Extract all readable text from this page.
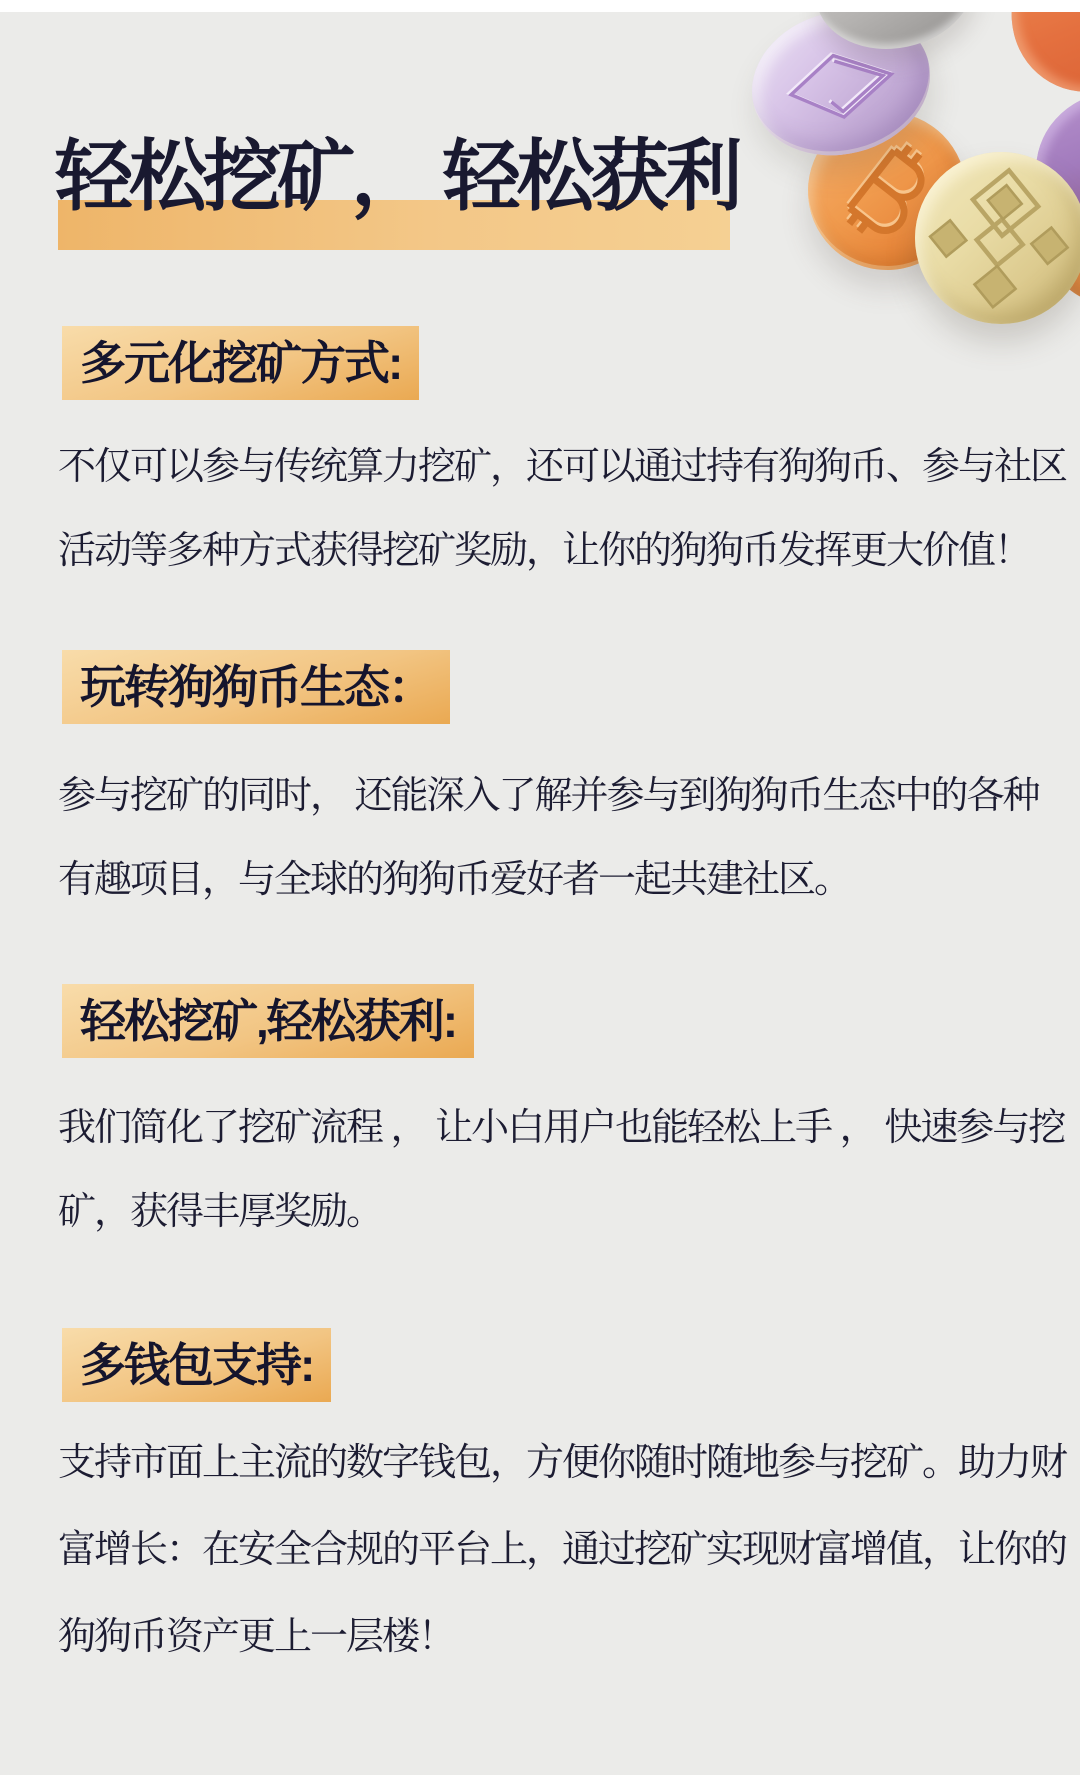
轻松挖矿， 轻松获利
多元化挖矿方式:
不仅可以参与传统算力挖矿，还可以通过持有狗狗币、参与社区
活动等多种方式获得挖矿奖励，让你的狗狗币发挥更大价值！
玩转狗狗币生态：
参与挖矿的同时， 还能深入了解并参与到狗狗币生态中的各种
有趣项目，与全球的狗狗币爱好者一起共建社区。
轻松挖矿,轻松获利:
我们简化了挖矿流程 ， 让小白用户也能轻松上手 ， 快速参与挖
矿，获得丰厚奖励。
多钱包支持:
支持市面上主流的数字钱包，方便你随时随地参与挖矿。助力财
富增长：在安全合规的平台上，通过挖矿实现财富增值，让你的
狗狗币资产更上一层楼！
